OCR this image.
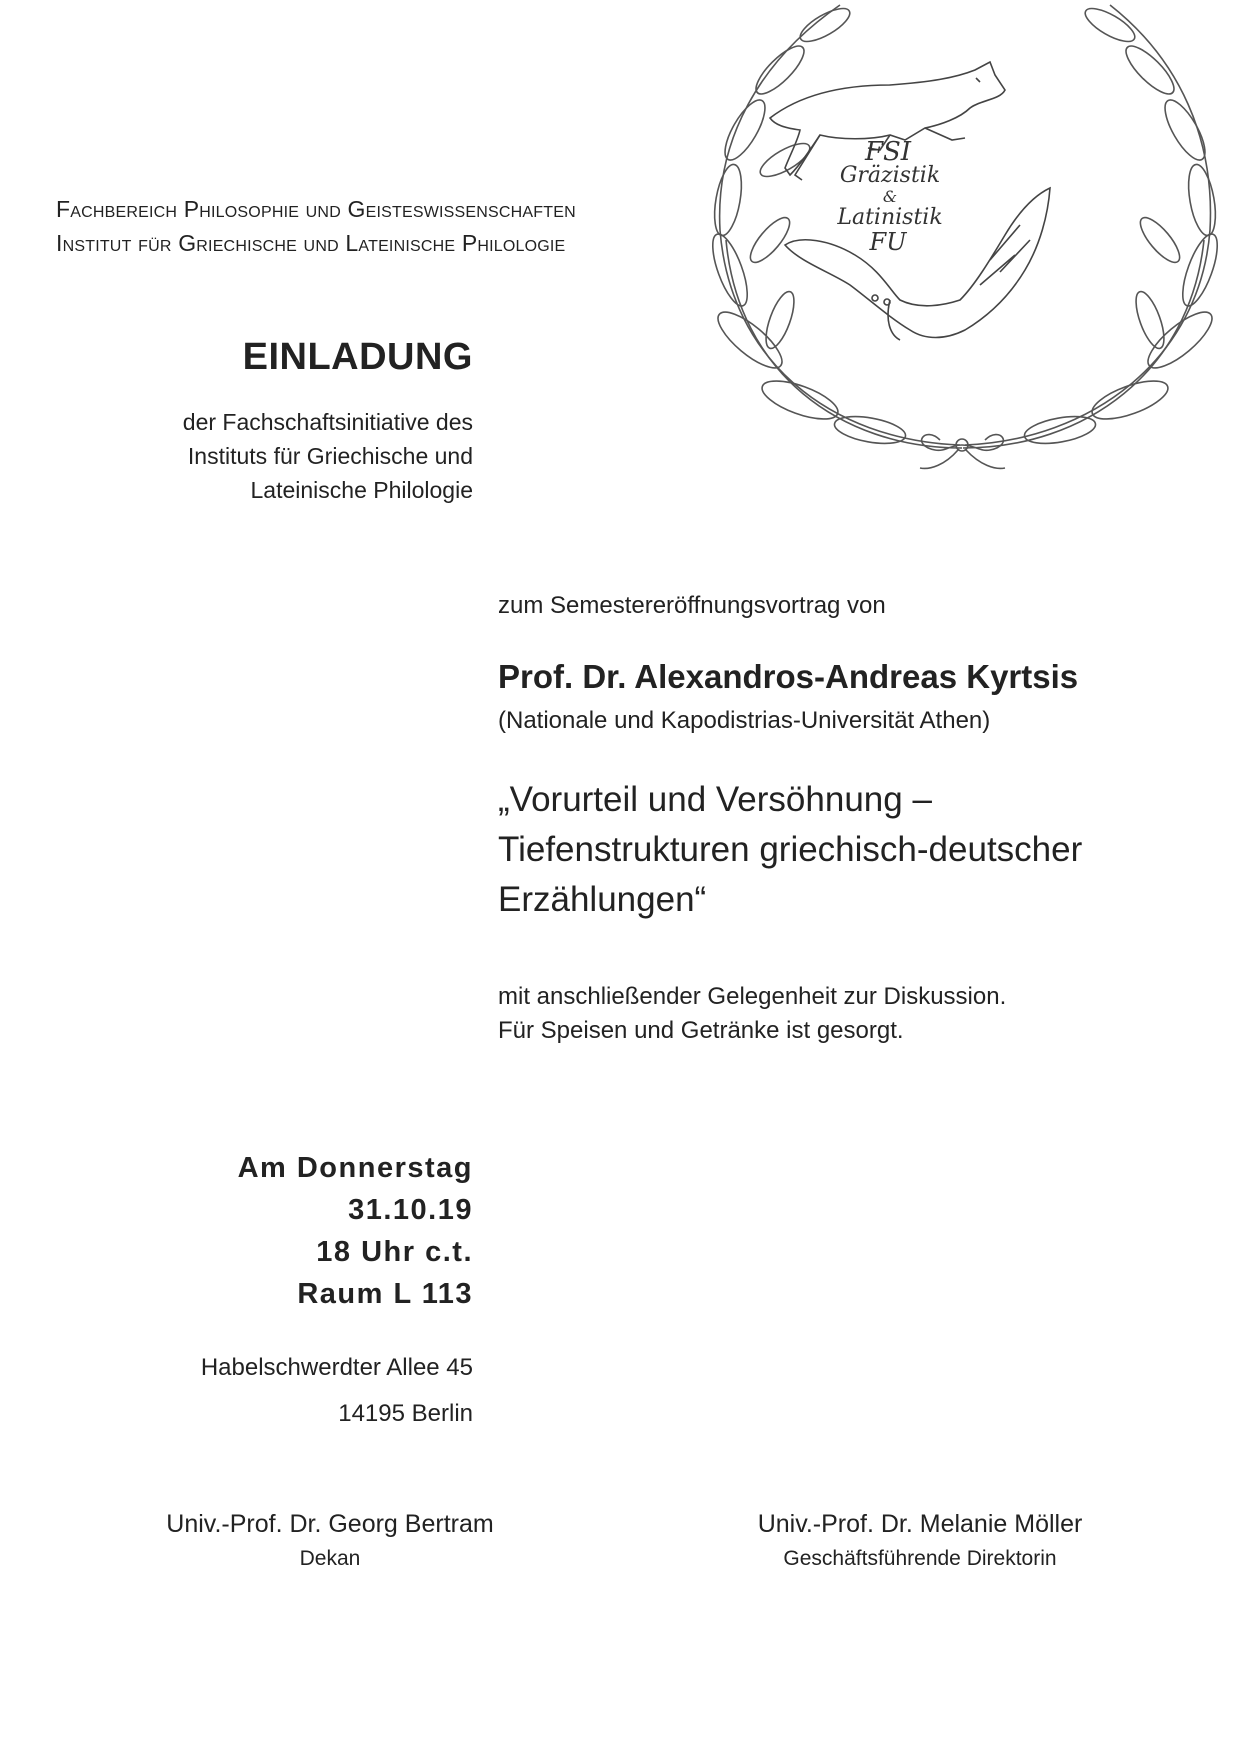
Fachbereich Philosophie und Geisteswissenschaften
Institut für Griechische und Lateinische Philologie
FSI
Gräzistik
&
Latinistik
FU
EINLADUNG
der Fachschaftsinitiative des
Instituts für Griechische und
Lateinische Philologie
zum Semestereröffnungsvortrag von
Prof. Dr. Alexandros-Andreas Kyrtsis
(Nationale und Kapodistrias-Universität Athen)
„Vorurteil und Versöhnung –
Tiefenstrukturen griechisch-deutscher
Erzählungen“
mit anschließender Gelegenheit zur Diskussion.
Für Speisen und Getränke ist gesorgt.
Am Donnerstag
31.10.19
18 Uhr c.t.
Raum L 113
Habelschwerdter Allee 45
14195 Berlin
Univ.-Prof. Dr. Georg Bertram
Dekan
Univ.-Prof. Dr. Melanie Möller
Geschäftsführende Direktorin
